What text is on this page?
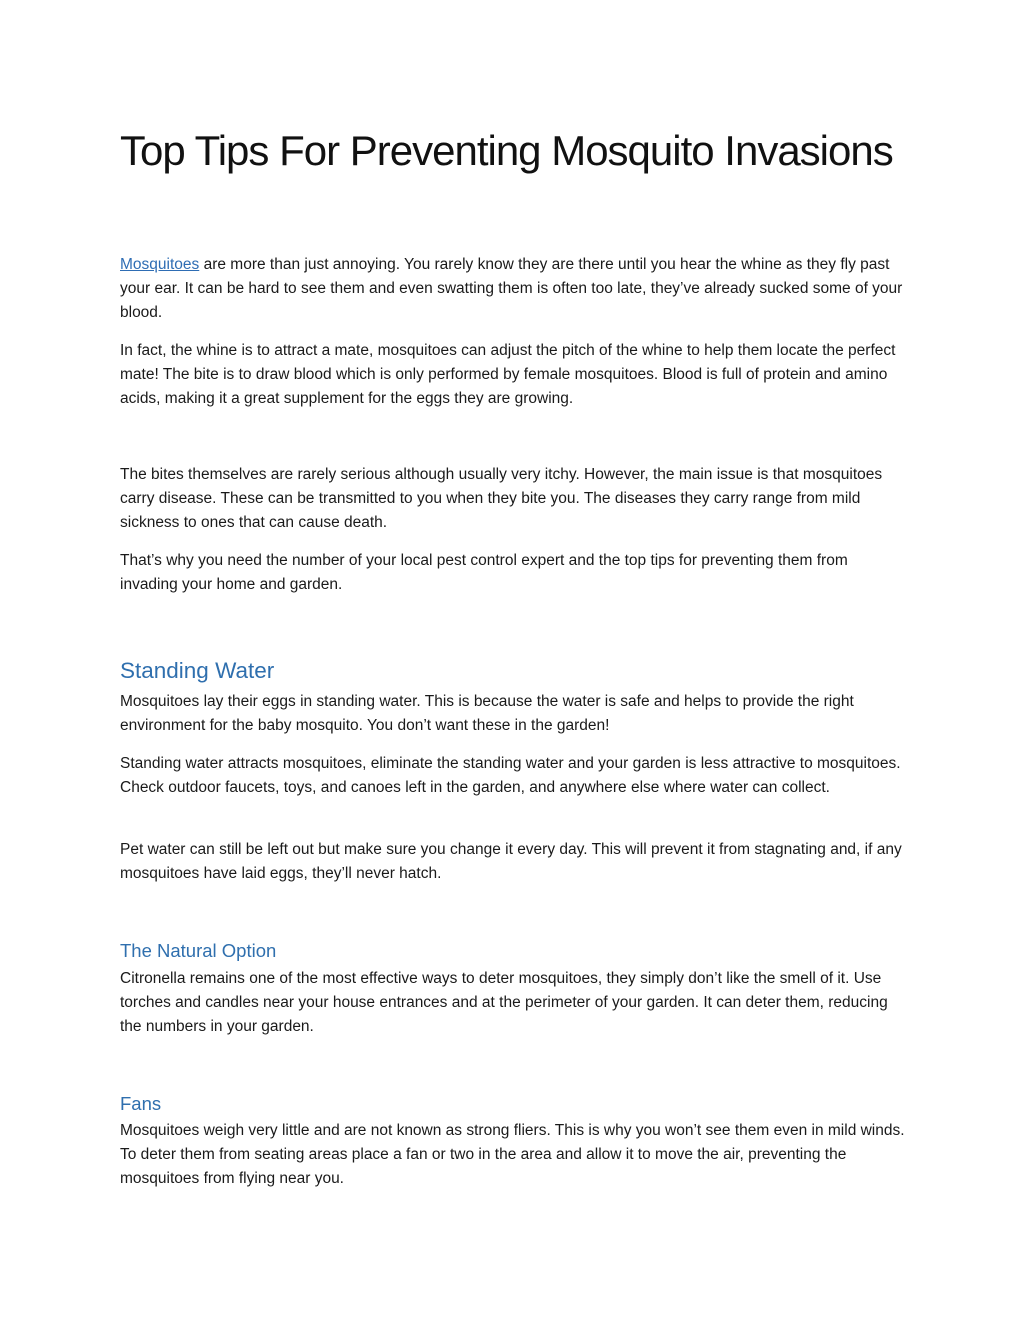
Top Tips For Preventing Mosquito Invasions

Mosquitoes are more than just annoying. You rarely know they are there until you hear the whine as they fly past your ear. It can be hard to see them and even swatting them is often too late, they’ve already sucked some of your blood.

In fact, the whine is to attract a mate, mosquitoes can adjust the pitch of the whine to help them locate the perfect mate! The bite is to draw blood which is only performed by female mosquitoes. Blood is full of protein and amino acids, making it a great supplement for the eggs they are growing.

The bites themselves are rarely serious although usually very itchy. However, the main issue is that mosquitoes carry disease. These can be transmitted to you when they bite you. The diseases they carry range from mild sickness to ones that can cause death.

That’s why you need the number of your local pest control expert and the top tips for preventing them from invading your home and garden.

Standing Water

Mosquitoes lay their eggs in standing water. This is because the water is safe and helps to provide the right environment for the baby mosquito. You don’t want these in the garden!

Standing water attracts mosquitoes, eliminate the standing water and your garden is less attractive to mosquitoes. Check outdoor faucets, toys, and canoes left in the garden, and anywhere else where water can collect.

Pet water can still be left out but make sure you change it every day. This will prevent it from stagnating and, if any mosquitoes have laid eggs, they’ll never hatch.

The Natural Option

Citronella remains one of the most effective ways to deter mosquitoes, they simply don’t like the smell of it. Use torches and candles near your house entrances and at the perimeter of your garden. It can deter them, reducing the numbers in your garden.

Fans

Mosquitoes weigh very little and are not known as strong fliers. This is why you won’t see them even in mild winds. To deter them from seating areas place a fan or two in the area and allow it to move the air, preventing the mosquitoes from flying near you.
